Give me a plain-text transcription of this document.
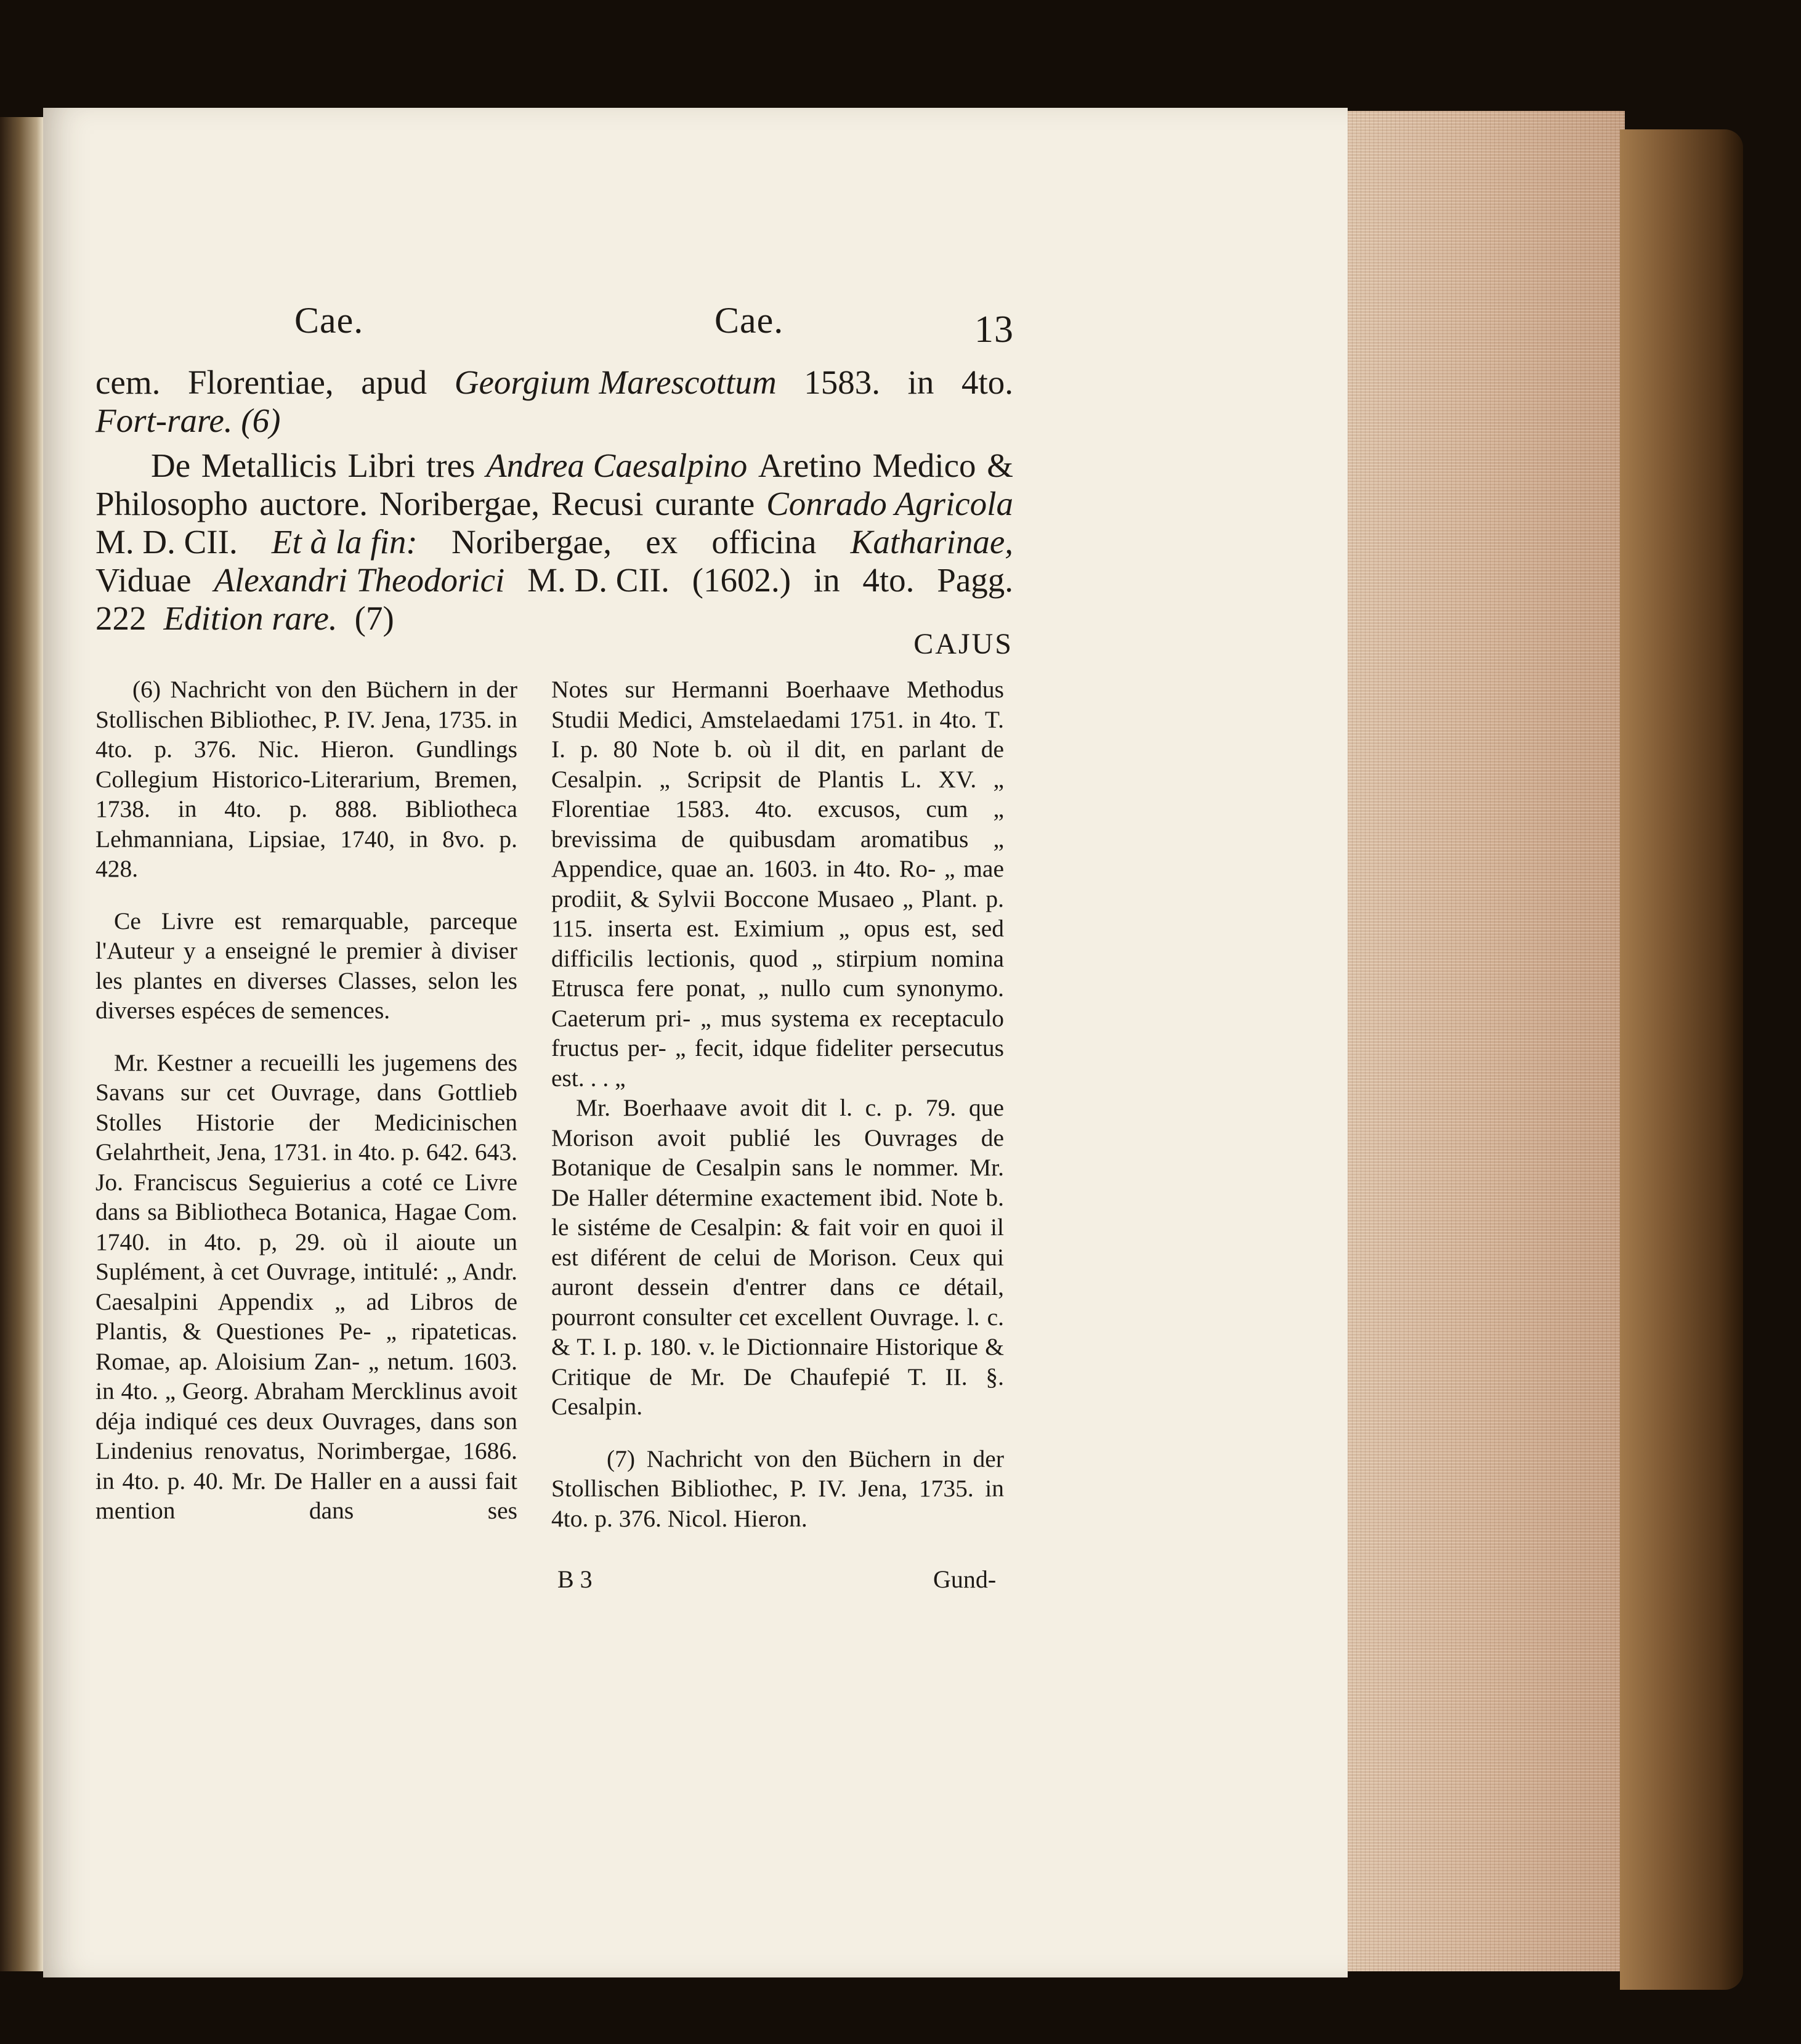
Cae.	Cae.	13
cem. Florentiae, apud Georgium Marescottum 1583. in 4to.
Fort-rare. (6)
De Metallicis Libri tres Andrea Caesalpino Aretino Medico &
Philosopho auctore. Noribergae, Recusi curante Conrado Agricola
M. D. CII. Et à la fin: Noribergae, ex officina Katharinae,
Viduae Alexandri Theodorici M. D. CII. (1602.) in 4to. Pagg.
222 Edition rare. (7)
CAJUS
(6) Nachricht von den Büchern in der Stollischen Bibliothec, P. IV. Jena, 1735. in 4to. p. 376. Nic. Hieron. Gundlings Collegium Historico-Literarium, Bremen, 1738. in 4to. p. 888. Bibliotheca Lehmanniana, Lipsiae, 1740, in 8vo. p. 428.
Ce Livre est remarquable, parceque l'Auteur y a enseigné le premier à diviser les plantes en diverses Classes, selon les diverses espéces de semences.
Mr. Kestner a recueilli les jugemens des Savans sur cet Ouvrage, dans Gottlieb Stolles Historie der Medicinischen Gelahrtheit, Jena, 1731. in 4to. p. 642. 643. Jo. Franciscus Seguierius a coté ce Livre dans sa Bibliotheca Botanica, Hagae Com. 1740. in 4to. p, 29. où il aioute un Suplément, à cet Ouvrage, intitulé: „ Andr. Caesalpini Appendix „ ad Libros de Plantis, & Questiones Pe- „ ripateticas. Romae, ap. Aloisium Zan- „ netum. 1603. in 4to. „ Georg. Abraham Mercklinus avoit déja indiqué ces deux Ouvrages, dans son Lindenius renovatus, Norimbergae, 1686. in 4to. p. 40. Mr. De Haller en a aussi fait mention dans ses
Notes sur Hermanni Boerhaave Methodus Studii Medici, Amstelaedami 1751. in 4to. T. I. p. 80 Note b. où il dit, en parlant de Cesalpin. „ Scripsit de Plantis L. XV. „ Florentiae 1583. 4to. excusos, cum „ brevissima de quibusdam aromatibus „ Appendice, quae an. 1603. in 4to. Ro- „ mae prodiit, & Sylvii Boccone Musaeo „ Plant. p. 115. inserta est. Eximium „ opus est, sed difficilis lectionis, quod „ stirpium nomina Etrusca fere ponat, „ nullo cum synonymo. Caeterum pri- „ mus systema ex receptaculo fructus per- „ fecit, idque fideliter persecutus est. . . „
Mr. Boerhaave avoit dit l. c. p. 79. que Morison avoit publié les Ouvrages de Botanique de Cesalpin sans le nommer. Mr. De Haller détermine exactement ibid. Note b. le sistéme de Cesalpin: & fait voir en quoi il est diférent de celui de Morison. Ceux qui auront dessein d'entrer dans ce détail, pourront consulter cet excellent Ouvrage. l. c. & T. I. p. 180. v. le Dictionnaire Historique & Critique de Mr. De Chaufepié T. II. §. Cesalpin.
(7) Nachricht von den Büchern in der Stollischen Bibliothec, P. IV. Jena, 1735. in 4to. p. 376. Nicol. Hieron.
B 3	Gund-
